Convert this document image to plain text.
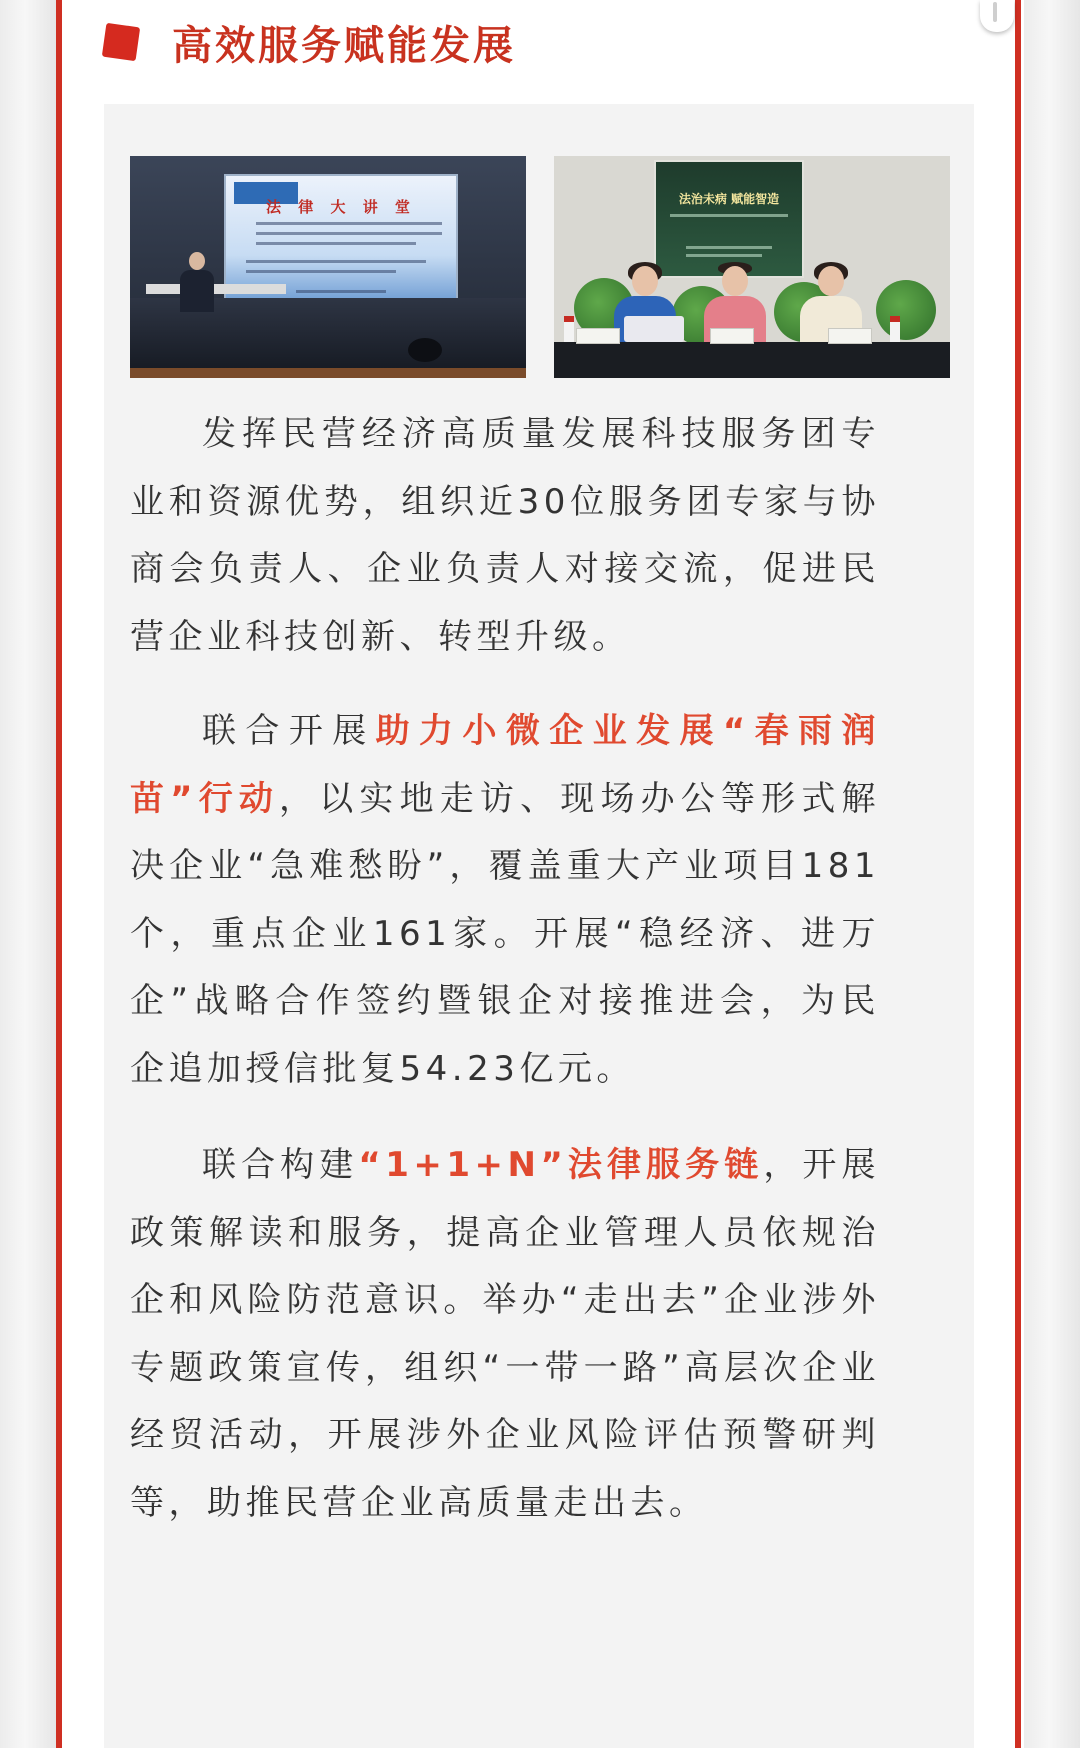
高效服务赋能发展
法 律 大 讲 堂	法治未病 赋能智造

发挥民营经济高质量发展科技服务团专业和资源优势，组织近30位服务团专家与协商会负责人、企业负责人对接交流，促进民营企业科技创新、转型升级。

联合开展助力小微企业发展“春雨润苗”行动，以实地走访、现场办公等形式解决企业“急难愁盼”，覆盖重大产业项目181个，重点企业161家。开展“稳经济、进万企”战略合作签约暨银企对接推进会，为民企追加授信批复54.23亿元。

联合构建“1+1+N”法律服务链，开展政策解读和服务，提高企业管理人员依规治企和风险防范意识。举办“走出去”企业涉外专题政策宣传，组织“一带一路”高层次企业经贸活动，开展涉外企业风险评估预警研判等，助推民营企业高质量走出去。
